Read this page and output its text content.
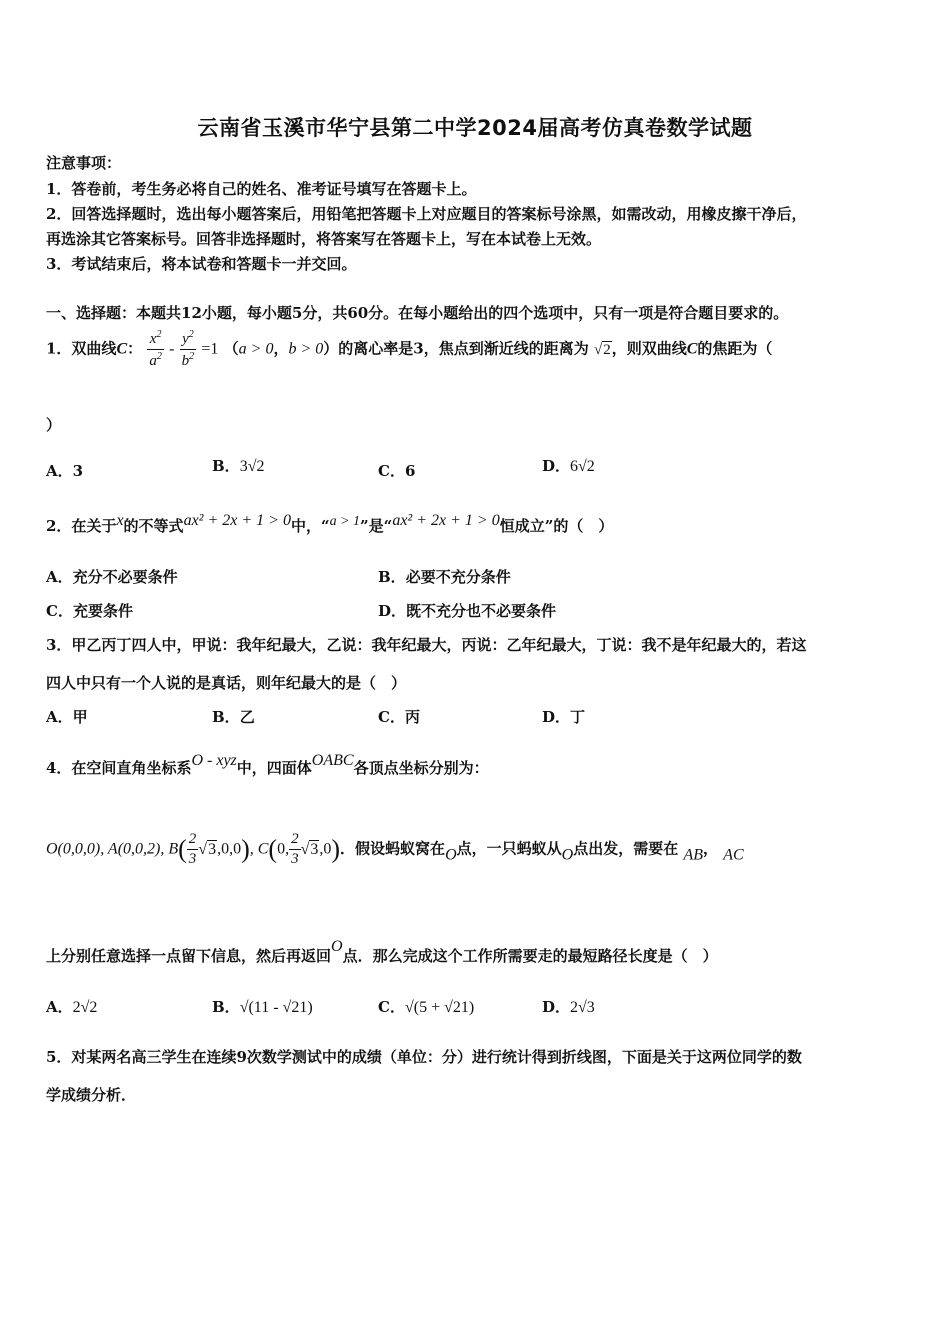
云南省玉溪市华宁县第二中学2024届高考仿真卷数学试题
注意事项：
1．答卷前，考生务必将自己的姓名、准考证号填写在答题卡上。
2．回答选择题时，选出每小题答案后，用铅笔把答题卡上对应题目的答案标号涂黑，如需改动，用橡皮擦干净后，
再选涂其它答案标号。回答非选择题时，将答案写在答题卡上，写在本试卷上无效。
3．考试结束后，将本试卷和答题卡一并交回。
一、选择题：本题共12小题，每小题5分，共60分。在每小题给出的四个选项中，只有一项是符合题目要求的。
1．双曲线C： $\frac{x^2}{a^2} - \frac{y^2}{b^2} =1$ （a > 0，b > 0）的离心率是3，焦点到渐近线的距离为 √2，则双曲线C的焦距为（
）
A．3	B．3√2	C．6	D．6√2
2．在关于x的不等式ax² + 2x + 1 > 0中，“a > 1”是“ax² + 2x + 1 > 0恒成立”的（　）
A．充分不必要条件	B．必要不充分条件
C．充要条件	D．既不充分也不必要条件
3．甲乙丙丁四人中，甲说：我年纪最大，乙说：我年纪最大，丙说：乙年纪最大，丁说：我不是年纪最大的，若这
四人中只有一个人说的是真话，则年纪最大的是（　）
A．甲	B．乙	C．丙	D．丁
4．在空间直角坐标系O - xyz中，四面体OABC各顶点坐标分别为：
O(0,0,0), A(0,0,2), $B( \frac{2}{3} √3,0,0)$, C(0, $\frac{2}{3} √3,0$)．假设蚂蚁窝在O点，一只蚂蚁从O点出发，需要在 AB， AC
上分别任意选择一点留下信息，然后再返回O点．那么完成这个工作所需要走的最短路径长度是（　）
A．2√2	B．√(11 - √21)	C．√(5 + √21)	D．2√3
5．对某两名高三学生在连续9次数学测试中的成绩（单位：分）进行统计得到折线图，下面是关于这两位同学的数
学成绩分析．
